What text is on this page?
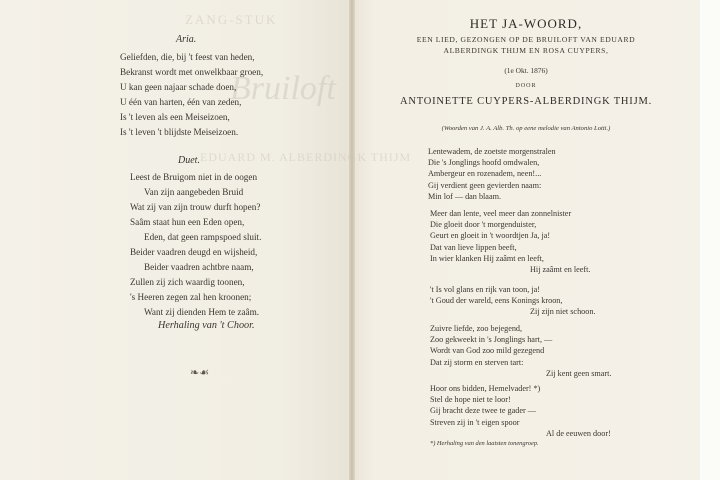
ZANG-STUK
Bruiloft
EDUARD M. ALBERDINGK THIJM
Aria.
Geliefden, die, bij 't feest van heden,
Bekranst wordt met onwelkbaar groen,
U kan geen najaar schade doen,
U één van harten, één van zeden,
Is 't leven als een Meiseizoen,
Is 't leven 't blijdste Meiseizoen.
Duet.
Leest de Bruigom niet in de oogen
Van zijn aangebeden Bruid
Wat zij van zijn trouw durft hopen?
Saâm staat hun een Eden open,
Eden, dat geen rampspoed sluit.
Beider vaadren deugd en wijsheid,
Beider vaadren achtbre naam,
Zullen zij zich waardig toonen,
's Heeren zegen zal hen kroonen;
Want zij dienden Hem te zaâm.
Herhaling van 't Choor.
❧☙
HET JA-WOORD,
EEN LIED, GEZONGEN OP DE BRUILOFT VAN EDUARD
ALBERDINGK THIJM EN ROSA CUYPERS,
(1e Okt. 1876)
DOOR
ANTOINETTE CUYPERS-ALBERDINGK THIJM.
(Woorden van J. A. Alb. Th. op eene melodie van Antonio Lotti.)
Lentewadem, de zoetste morgenstralen
Die 's Jonglings hoofd omdwalen,
Ambergeur en rozenadem, neen!...
Gij verdient geen gevierden naam:
Min lof — dan blaam.
Meer dan lente, veel meer dan zonnelnister
Die gloeit door 't morgenduister,
Geurt en gloeit in 't woordtjen Ja, ja!
Dat van lieve lippen beeft,
In wier klanken Hij zaâmt en leeft,
Hij zaâmt en leeft.
't Is vol glans en rijk van toon, ja!
't Goud der wareld, eens Konings kroon,
Zij zijn niet schoon.
Zuivre liefde, zoo bejegend,
Zoo gekweekt in 's Jonglings hart, —
Wordt van God zoo mild gezegend
Dat zij storm en sterven tart:
Zij kent geen smart.
Hoor ons bidden, Hemelvader! *)
Stel de hope niet te loor!
Gij bracht deze twee te gader —
Streven zij in 't eigen spoor
Al de eeuwen door!
*) Herhaling van den laatsten tonengroep.
